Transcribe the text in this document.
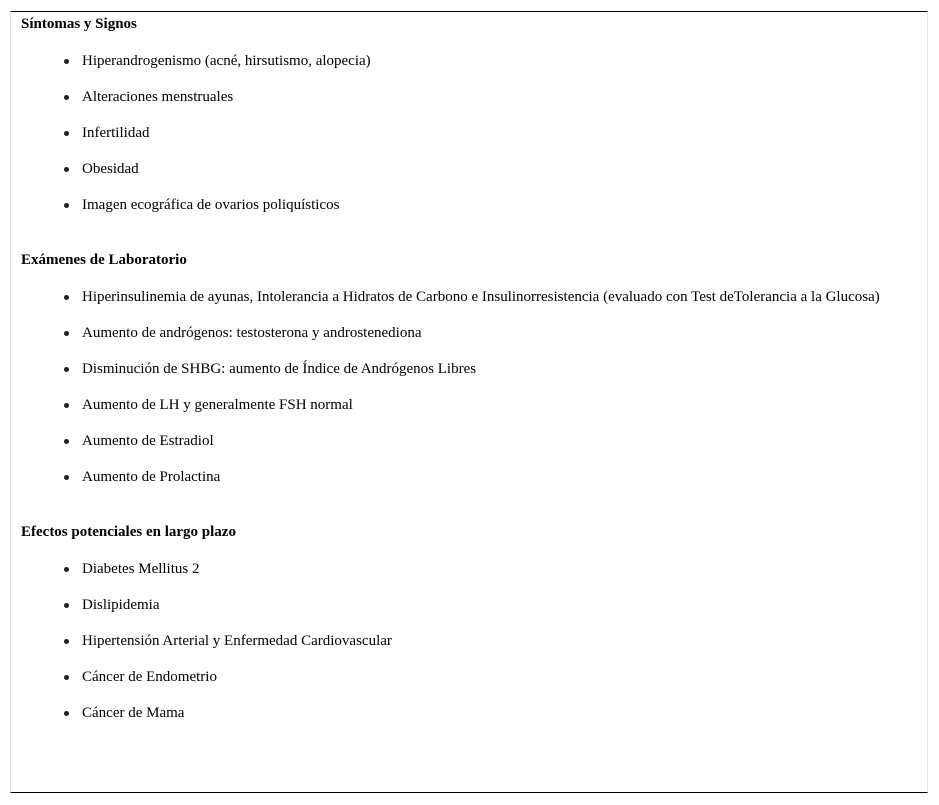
Síntomas y Signos

Hiperandrogenismo (acné, hirsutismo, alopecia)
Alteraciones menstruales
Infertilidad
Obesidad
Imagen ecográfica de ovarios poliquísticos

Exámenes de Laboratorio

Hiperinsulinemia de ayunas, Intolerancia a Hidratos de Carbono e Insulinorresistencia (evaluado con Test deTolerancia a la Glucosa)
Aumento de andrógenos: testosterona y androstenediona
Disminución de SHBG: aumento de Índice de Andrógenos Libres
Aumento de LH y generalmente FSH normal
Aumento de Estradiol
Aumento de Prolactina

Efectos potenciales en largo plazo

Diabetes Mellitus 2
Dislipidemia
Hipertensión Arterial y Enfermedad Cardiovascular
Cáncer de Endometrio
Cáncer de Mama
